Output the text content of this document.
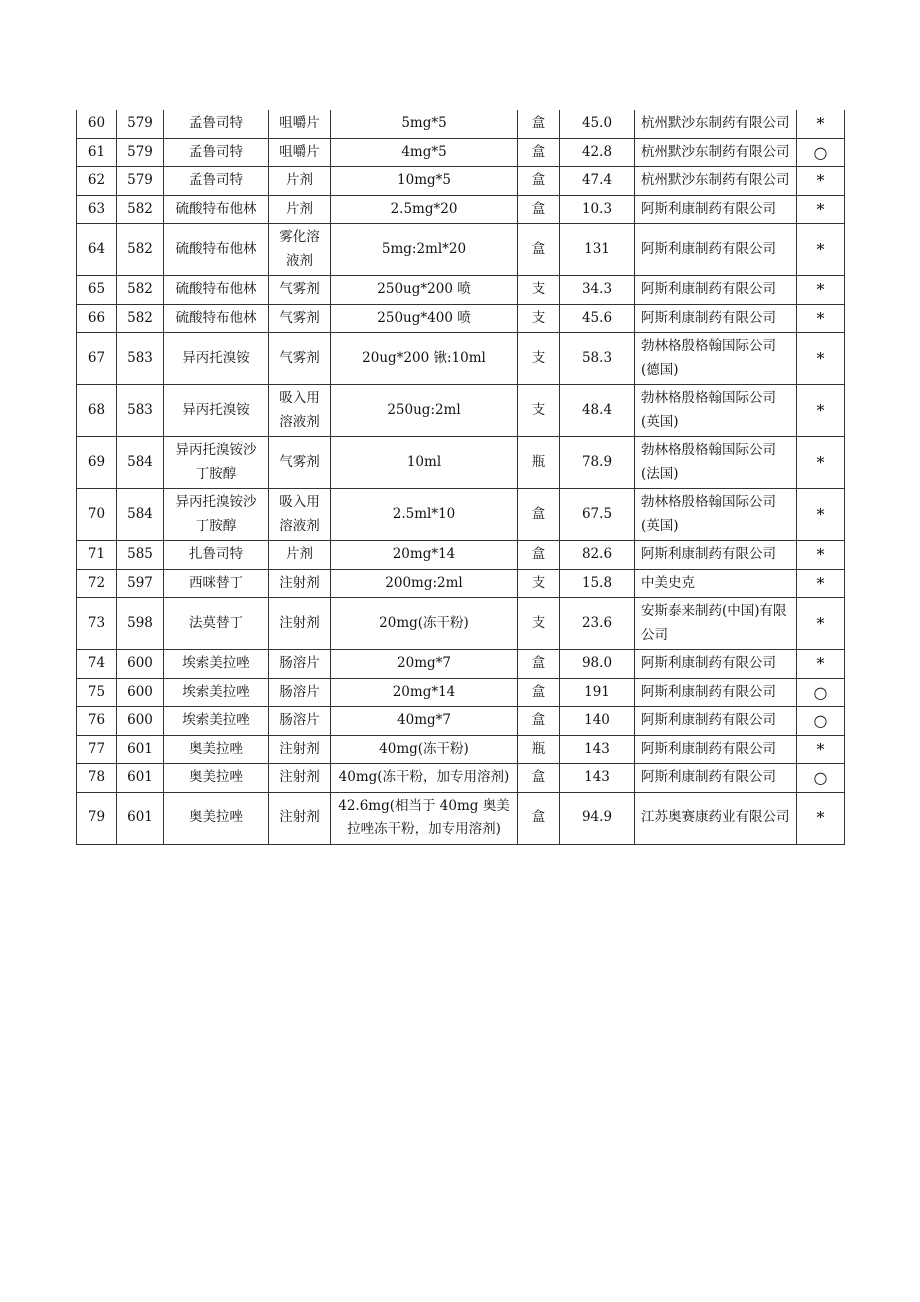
60	579	孟鲁司特	咀嚼片	5mg*5	盒	45.0	杭州默沙东制药有限公司	*
61	579	孟鲁司特	咀嚼片	4mg*5	盒	42.8	杭州默沙东制药有限公司	○
62	579	孟鲁司特	片剂	10mg*5	盒	47.4	杭州默沙东制药有限公司	*
63	582	硫酸特布他林	片剂	2.5mg*20	盒	10.3	阿斯利康制药有限公司	*
64	582	硫酸特布他林	雾化溶液剂	5mg:2ml*20	盒	131	阿斯利康制药有限公司	*
65	582	硫酸特布他林	气雾剂	250ug*200 喷	支	34.3	阿斯利康制药有限公司	*
66	582	硫酸特布他林	气雾剂	250ug*400 喷	支	45.6	阿斯利康制药有限公司	*
67	583	异丙托溴铵	气雾剂	20ug*200 锹:10ml	支	58.3	勃林格殷格翰国际公司(德国)	*
68	583	异丙托溴铵	吸入用溶液剂	250ug:2ml	支	48.4	勃林格殷格翰国际公司(英国)	*
69	584	异丙托溴铵沙丁胺醇	气雾剂	10ml	瓶	78.9	勃林格殷格翰国际公司(法国)	*
70	584	异丙托溴铵沙丁胺醇	吸入用溶液剂	2.5ml*10	盒	67.5	勃林格殷格翰国际公司(英国)	*
71	585	扎鲁司特	片剂	20mg*14	盒	82.6	阿斯利康制药有限公司	*
72	597	西咪替丁	注射剂	200mg:2ml	支	15.8	中美史克	*
73	598	法莫替丁	注射剂	20mg(冻干粉)	支	23.6	安斯泰来制药(中国)有限公司	*
74	600	埃索美拉唑	肠溶片	20mg*7	盒	98.0	阿斯利康制药有限公司	*
75	600	埃索美拉唑	肠溶片	20mg*14	盒	191	阿斯利康制药有限公司	○
76	600	埃索美拉唑	肠溶片	40mg*7	盒	140	阿斯利康制药有限公司	○
77	601	奥美拉唑	注射剂	40mg(冻干粉)	瓶	143	阿斯利康制药有限公司	*
78	601	奥美拉唑	注射剂	40mg(冻干粉，加专用溶剂)	盒	143	阿斯利康制药有限公司	○
79	601	奥美拉唑	注射剂	42.6mg(相当于 40mg 奥美拉唑冻干粉，加专用溶剂)	盒	94.9	江苏奥赛康药业有限公司	*
